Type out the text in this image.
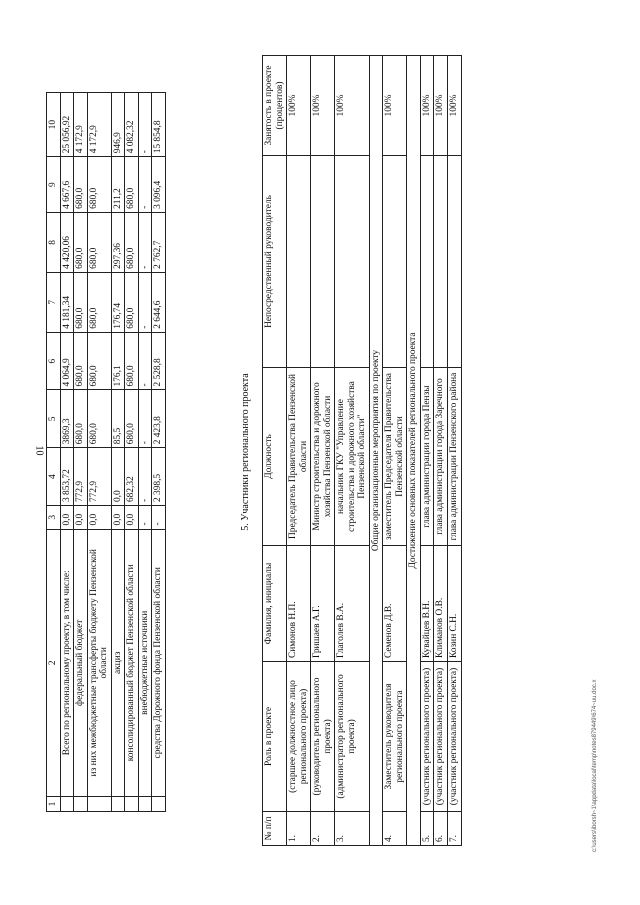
10
1	2	3	4	5	6	7	8	9	10
	Всего по региональному проекту, в том числе:	0,0	3 853,72	3869,3	4 064,9	4 181,34	4 420,06	4 667,6	25 056,92
	федеральный бюджет	0,0	772,9	680,0	680,0	680,0	680,0	680,0	4 172,9
	из них межбюджетные трансферты бюджету Пензенской области	0,0	772,9	680,0	680,0	680,0	680,0	680,0	4 172,9
	акциз	0,0	0,0	85,5	176,1	176,74	297,36	211,2	946,9
	консолидированный бюджет Пензенской области	0,0	682,32	680,0	680,0	680,0	680,0	680,0	4 082,32
	внебюджетные источники	-	-	-	-	-	-	-	-
	средства Дорожного фонда Пензенской области	-	2 398,5	2 423,8	2 528,8	2 644,6	2 762,7	3 096,4	15 854,8
5. Участники регионального проекта
№ п/п	Роль в проекте	Фамилия, инициалы	Должность	Непосредственный руководитель	Занятость в проекте (процентов)
1.	(старшее должностное лицо регионального проекта)	Симонов Н.П.	Председатель Правительства Пензенской области		100%
2.	(руководитель регионального проекта)	Гришаев А.Г.	Министр строительства и дорожного хозяйства Пензенской области		100%
3.	(администратор регионального проекта)	Глаголев В.А.	начальник ГКУ "Управление строительства и дорожного хозяйства Пензенской области"		100%
Общие организационные мероприятия по проекту					
4.	Заместитель руководителя регионального проекта	Семенов Д.В.	заместитель Председателя Правительства Пензенской области		100%
Достижение основных показателей регионального проекта					
5.	(участник регионального проекта)	Кувайцев В.Н.	глава администрации города Пензы		100%
6.	(участник регионального проекта)	Климанов О.В.	глава администрации города Заречного		100%
7.	(участник регионального проекта)	Козин С.Н.	глава администрации Пензенского района		100%
c:\users\iborsh~1\appdata\local\temp\notes879449\674~uu.doc.x
